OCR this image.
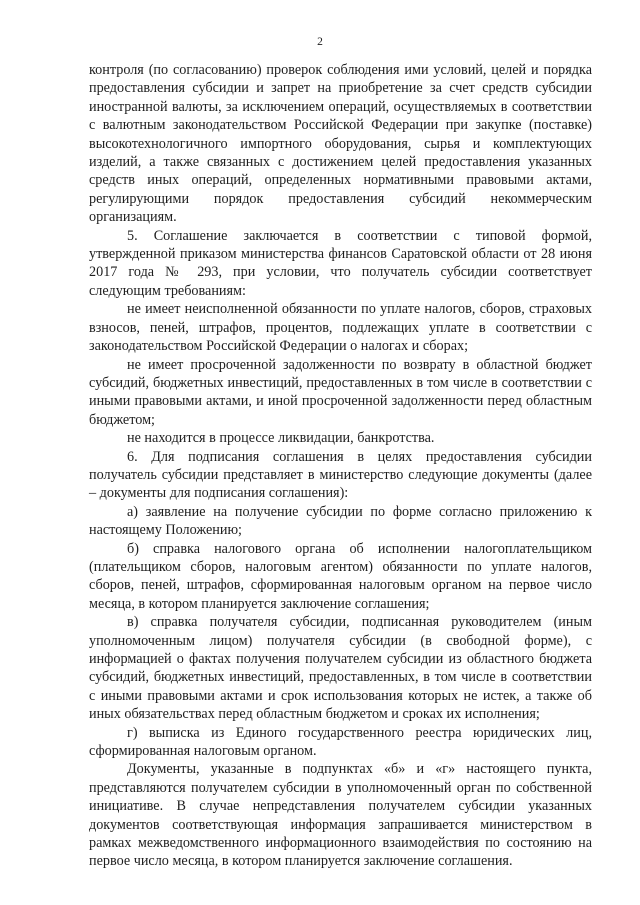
2

контроля (по согласованию) проверок соблюдения ими условий, целей и порядка предоставления субсидии и запрет на приобретение за счет средств субсидии иностранной валюты, за исключением операций, осуществляемых в соответствии с валютным законодательством Российской Федерации при закупке (поставке) высокотехнологичного импортного оборудования, сырья и комплектующих изделий, а также связанных с достижением целей предоставления указанных средств иных операций, определенных нормативными правовыми актами, регулирующими порядок предоставления субсидий некоммерческим организациям.

5. Соглашение заключается в соответствии с типовой формой, утвержденной приказом министерства финансов Саратовской области от 28 июня 2017 года № 293, при условии, что получатель субсидии соответствует следующим требованиям:

не имеет неисполненной обязанности по уплате налогов, сборов, страховых взносов, пеней, штрафов, процентов, подлежащих уплате в соответствии с законодательством Российской Федерации о налогах и сборах;

не имеет просроченной задолженности по возврату в областной бюджет субсидий, бюджетных инвестиций, предоставленных в том числе в соответствии с иными правовыми актами, и иной просроченной задолженности перед областным бюджетом;

не находится в процессе ликвидации, банкротства.

6. Для подписания соглашения в целях предоставления субсидии получатель субсидии представляет в министерство следующие документы (далее – документы для подписания соглашения):

а) заявление на получение субсидии по форме согласно приложению к настоящему Положению;

б) справка налогового органа об исполнении налогоплательщиком (плательщиком сборов, налоговым агентом) обязанности по уплате налогов, сборов, пеней, штрафов, сформированная налоговым органом на первое число месяца, в котором планируется заключение соглашения;

в) справка получателя субсидии, подписанная руководителем (иным уполномоченным лицом) получателя субсидии (в свободной форме), с информацией о фактах получения получателем субсидии из областного бюджета субсидий, бюджетных инвестиций, предоставленных, в том числе в соответствии с иными правовыми актами и срок использования которых не истек, а также об иных обязательствах перед областным бюджетом и сроках их исполнения;

г) выписка из Единого государственного реестра юридических лиц, сформированная налоговым органом.

Документы, указанные в подпунктах «б» и «г» настоящего пункта, представляются получателем субсидии в уполномоченный орган по собственной инициативе. В случае непредставления получателем субсидии указанных документов соответствующая информация запрашивается министерством в рамках межведомственного информационного взаимодействия по состоянию на первое число месяца, в котором планируется заключение соглашения.
